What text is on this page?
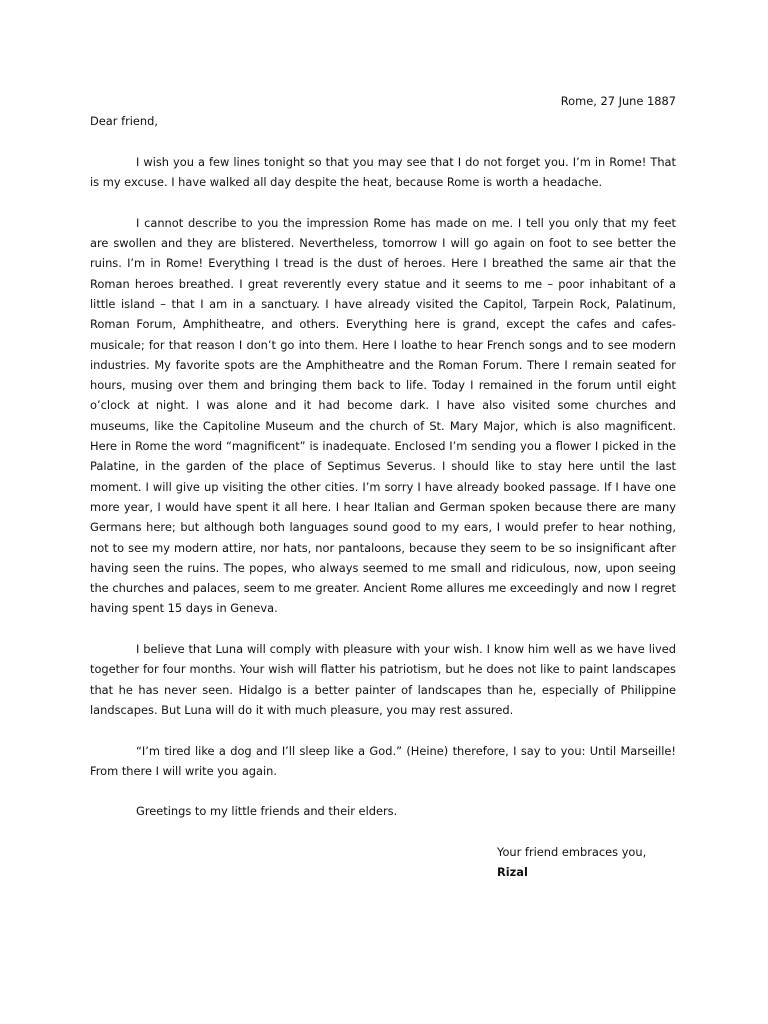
Rome, 27 June 1887

Dear friend,

I wish you a few lines tonight so that you may see that I do not forget you. I’m in Rome! That is my excuse. I have walked all day despite the heat, because Rome is worth a headache.

I cannot describe to you the impression Rome has made on me. I tell you only that my feet are swollen and they are blistered. Nevertheless, tomorrow I will go again on foot to see better the ruins. I’m in Rome! Everything I tread is the dust of heroes. Here I breathed the same air that the Roman heroes breathed. I great reverently every statue and it seems to me – poor inhabitant of a little island – that I am in a sanctuary. I have already visited the Capitol, Tarpein Rock, Palatinum, Roman Forum, Amphitheatre, and others. Everything here is grand, except the cafes and cafes-musicale; for that reason I don’t go into them. Here I loathe to hear French songs and to see modern industries. My favorite spots are the Amphitheatre and the Roman Forum. There I remain seated for hours, musing over them and bringing them back to life. Today I remained in the forum until eight o’clock at night. I was alone and it had become dark. I have also visited some churches and museums, like the Capitoline Museum and the church of St. Mary Major, which is also magnificent. Here in Rome the word “magnificent” is inadequate. Enclosed I’m sending you a flower I picked in the Palatine, in the garden of the place of Septimus Severus. I should like to stay here until the last moment. I will give up visiting the other cities. I’m sorry I have already booked passage. If I have one more year, I would have spent it all here. I hear Italian and German spoken because there are many Germans here; but although both languages sound good to my ears, I would prefer to hear nothing, not to see my modern attire, nor hats, nor pantaloons, because they seem to be so insignificant after having seen the ruins. The popes, who always seemed to me small and ridiculous, now, upon seeing the churches and palaces, seem to me greater. Ancient Rome allures me exceedingly and now I regret having spent 15 days in Geneva.

I believe that Luna will comply with pleasure with your wish. I know him well as we have lived together for four months. Your wish will flatter his patriotism, but he does not like to paint landscapes that he has never seen. Hidalgo is a better painter of landscapes than he, especially of Philippine landscapes. But Luna will do it with much pleasure, you may rest assured.

“I’m tired like a dog and I’ll sleep like a God.” (Heine) therefore, I say to you: Until Marseille! From there I will write you again.

Greetings to my little friends and their elders.

Your friend embraces you,

Rizal
